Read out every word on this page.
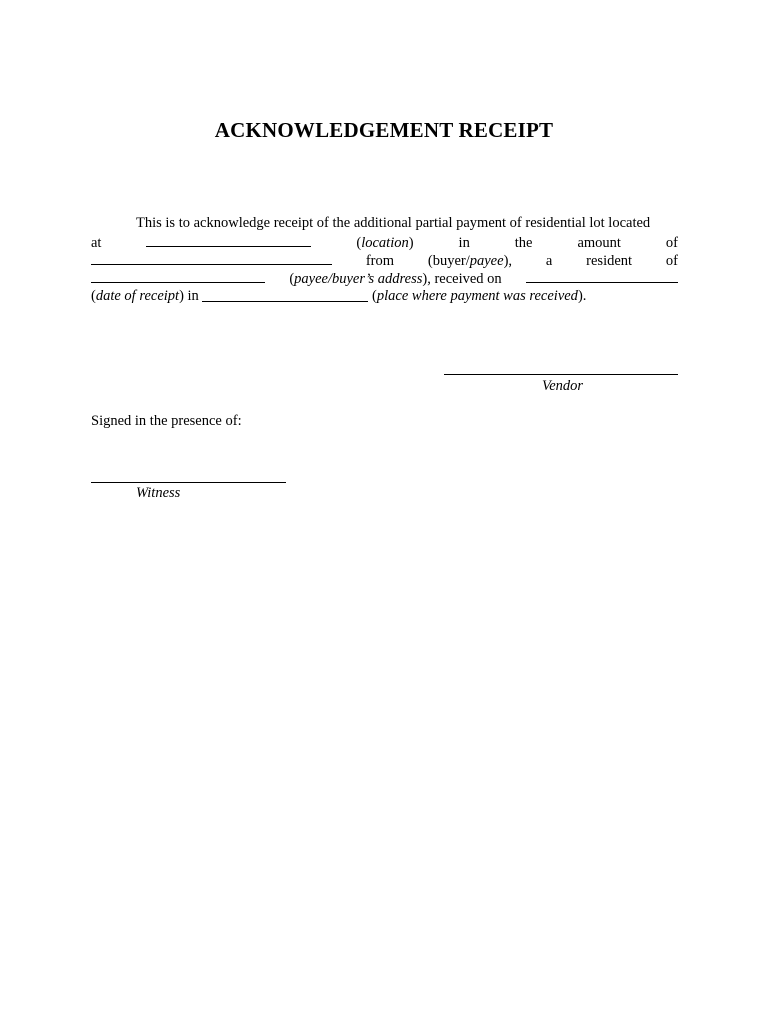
ACKNOWLEDGEMENT RECEIPT
This is to acknowledge receipt of the additional partial payment of residential lot located
at	(location)	in	the	amount	of
from (buyer/payee), a resident of
(payee/buyer’s address), received on
(date of receipt) in	(place where payment was received).
Vendor
Signed in the presence of:
Witness
